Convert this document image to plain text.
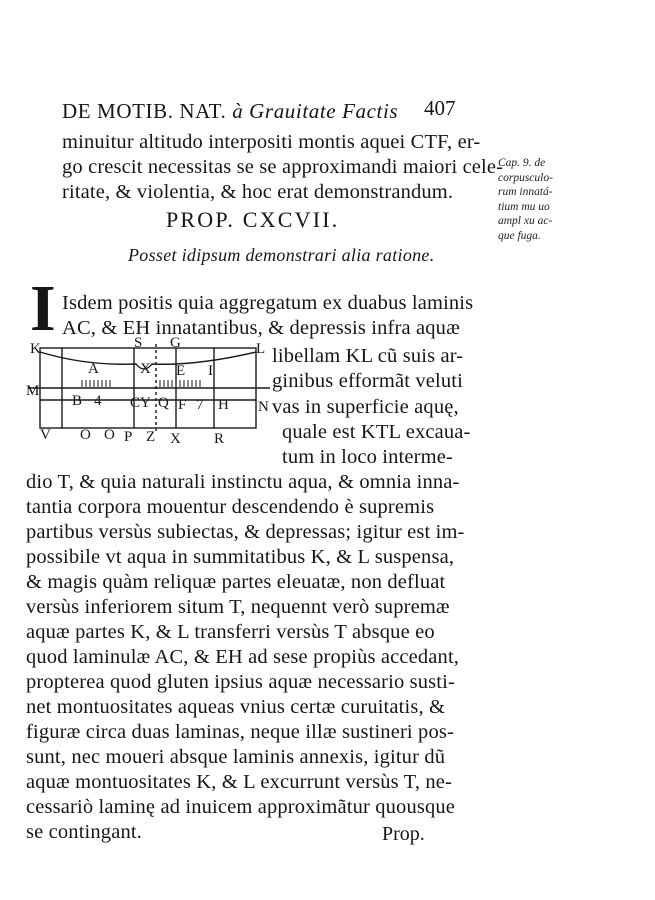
DE MOTIB. NAT. à Grauitate Factis	407
minuitur altitudo interpositi montis aquei CTF, er-
go crescit necessitas se se approximandi maiori cele-
ritate, & violentia, & hoc erat demonstrandum.
Cap. 9. de
corpusculo-
rum innatá-
tium mu uo
ampl xu ac-
que fuga.
PROP. CXCVII.
Posset idipsum demonstrari alia ratione.
I Isdem positis quia aggregatum ex duabus laminis
AC, & EH innatantibus, & depressis infra aquæ
libellam KL cũ suis ar-
ginibus efformãt veluti
vas in superficie aquę,
quale est KTL excaua-
tum in loco interme-
dio T, & quia naturali instinctu aqua, & omnia inna-
tantia corpora mouentur descendendo è supremis
partibus versùs subiectas, & depressas; igitur est im-
possibile vt aqua in summitatibus K, & L suspensa,
& magis quàm reliquæ partes eleuatæ, non defluat
versùs inferiorem situm T, nequennt verò supremæ
aquæ partes K, & L transferri versùs T absque eo
quod laminulæ AC, & EH ad sese propiùs accedant,
propterea quod gluten ipsius aquæ necessario susti-
net montuositates aqueas vnius certæ curuitatis, &
figuræ circa duas laminas, neque illæ sustineri pos-
sunt, nec moueri absque laminis annexis, igitur dũ
aquæ montuositates K, & L excurrunt versùs T, ne-
cessariò laminę ad inuicem approximãtur quousque
se contingant.
K	S G	L
A	X E I
M
N
B 4 CY Q F 7 H
V O O P Z X R
Prop.
